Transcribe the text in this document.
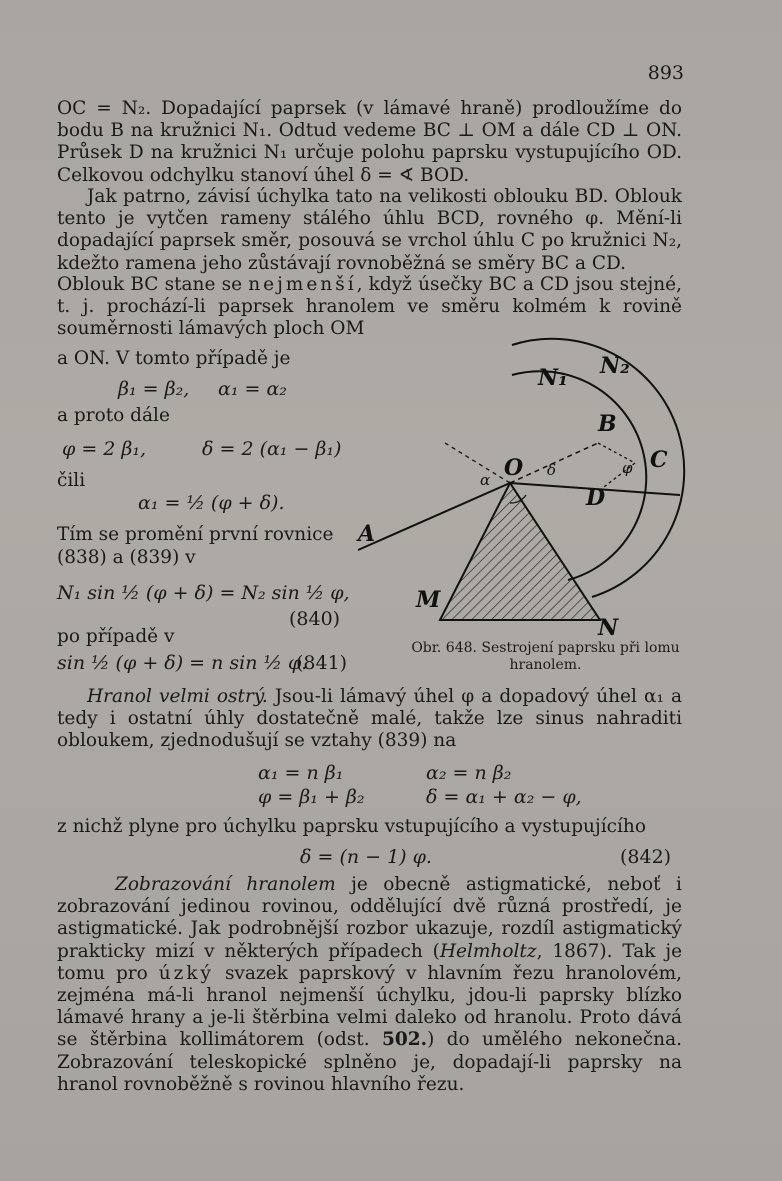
893
OC = N₂. Dopadající paprsek (v lámavé hraně) prodloužíme do bodu B na kružnici N₁. Odtud vedeme BC ⊥ OM a dále CD ⊥ ON. Průsek D na kružnici N₁ určuje polohu paprsku vystupujícího OD. Celkovou odchylku stanoví úhel δ = ∢ BOD.
Jak patrno, závisí úchylka tato na velikosti oblouku BD. Oblouk tento je vytčen rameny stálého úhlu BCD, rovného φ. Mění-li dopadající paprsek směr, posouvá se vrchol úhlu C po kružnici N₂, kdežto ramena jeho zůstávají rovnoběžná se směry BC a CD.
Oblouk BC stane se nejmenší, když úsečky BC a CD jsou stejné, t. j. prochází-li paprsek hranolem ve směru kolmém k rovině souměrnosti lámavých ploch OM
a ON. V tomto případě je
β₁ = β₂, α₁ = α₂
a proto dále
φ = 2 β₁,	δ = 2 (α₁ − β₁)
čili
α₁ = ½ (φ + δ).
Tím se promění první rovnice
(838) a (839) v
N₁ sin ½ (φ + δ) = N₂ sin ½ φ,
(840)
po případě v
sin ½ (φ + δ) = n sin ½ φ.
(841)
N₁ N₂
B
C
O
D
A
M
N
α
δ	φ
Obr. 648. Sestrojení paprsku při lomu hranolem.
Hranol velmi ostrý. Jsou-li lámavý úhel φ a dopadový úhel α₁ a tedy i ostatní úhly dostatečně malé, takže lze sinus nahraditi obloukem, zjednodušují se vztahy (839) na
α₁ = n β₁	α₂ = n β₂
φ = β₁ + β₂	δ = α₁ + α₂ − φ,
z nichž plyne pro úchylku paprsku vstupujícího a vystupujícího
δ = (n − 1) φ.	(842)
Zobrazování hranolem je obecně astigmatické, neboť i zobrazování jedinou rovinou, oddělující dvě různá prostředí, je astigmatické. Jak podrobnější rozbor ukazuje, rozdíl astigmatický prakticky mizí v některých případech (Helmholtz, 1867). Tak je tomu pro úzký svazek paprskový v hlavním řezu hranolovém, zejména má-li hranol nejmenší úchylku, jdou-li paprsky blízko lámavé hrany a je-li štěrbina velmi daleko od hranolu. Proto dává se štěrbina kollimátorem (odst. 502.) do umělého nekonečna. Zobrazování teleskopické splněno je, dopadají-li paprsky na hranol rovnoběžně s rovinou hlavního řezu.
